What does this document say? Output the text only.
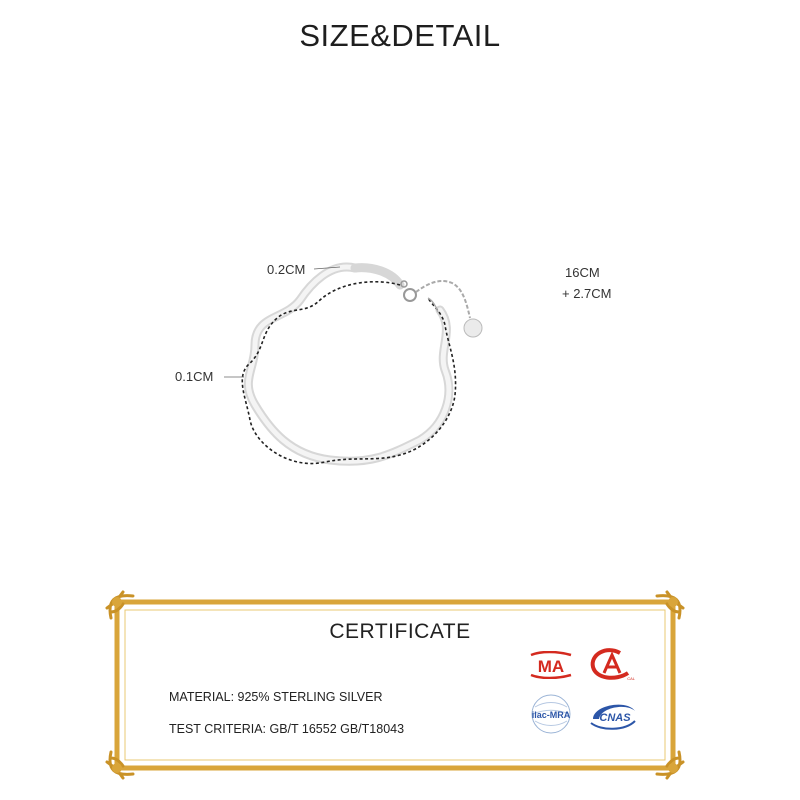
SIZE&DETAIL
0.2CM
0.1CM
16CM
+ 2.7CM
CERTIFICATE
MATERIAL: 925% STERLING SILVER
TEST CRITERIA: GB/T 16552 GB/T18043
MA
CAL
ilac-MRA	CNAS
